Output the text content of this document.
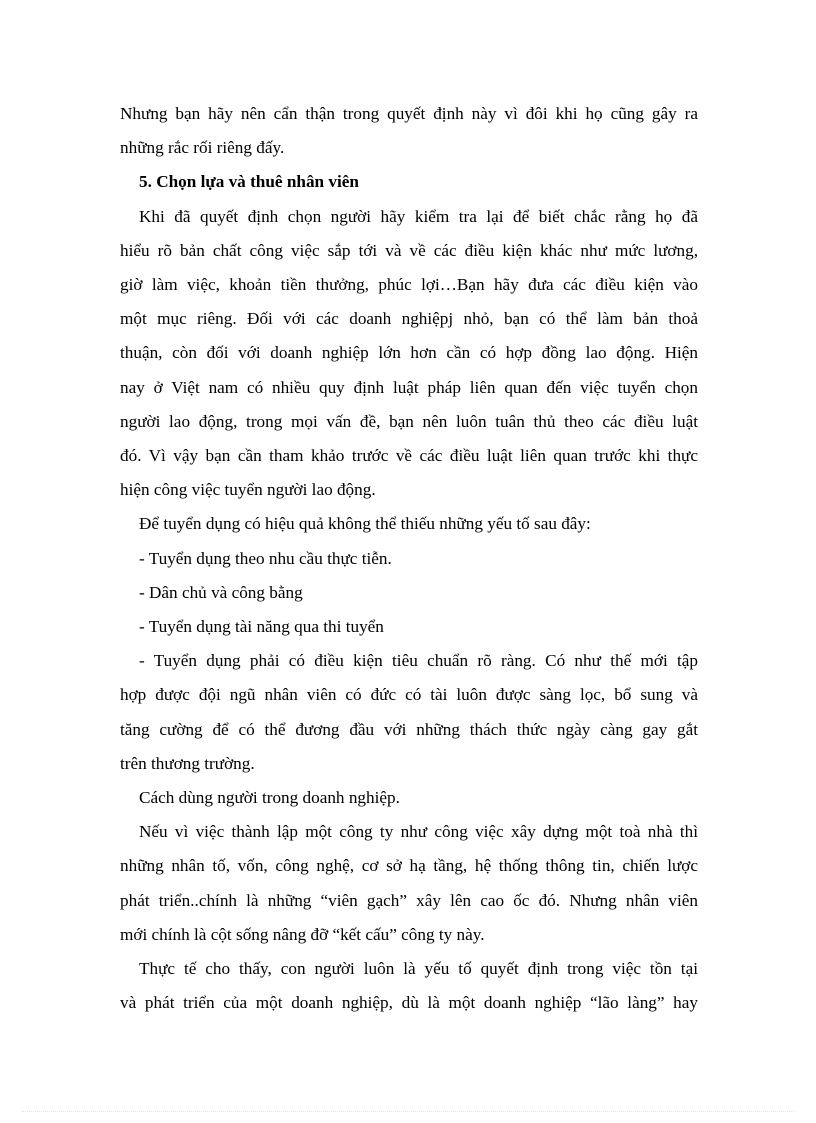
Nhưng bạn hãy nên cẩn thận trong quyết định này vì đôi khi họ cũng gây ra

những rắc rối riêng đấy.

5. Chọn lựa và thuê nhân viên

Khi đã quyết định chọn người hãy kiểm tra lại để biết chắc rằng họ đã

hiểu rõ bản chất công việc sắp tới và về các điều kiện khác như mức lương,

giờ làm việc, khoản tiền thưởng, phúc lợi…Bạn hãy đưa các điều kiện vào

một mục riêng. Đối với các doanh nghiệpj nhỏ, bạn có thể làm bản thoả

thuận, còn đối với doanh nghiệp lớn hơn cần có hợp đồng lao động. Hiện

nay ở Việt nam có nhiều quy định luật pháp liên quan đến việc tuyển chọn

người lao động, trong mọi vấn đề, bạn nên luôn tuân thủ theo các điều luật

đó. Vì vậy bạn cần tham khảo trước về các điều luật liên quan trước khi thực

hiện công việc tuyển người lao động.

Để tuyển dụng có hiệu quả không thể thiếu những yếu tố sau đây:

- Tuyển dụng theo nhu cầu thực tiễn.

- Dân chủ và công bằng

- Tuyển dụng tài năng qua thi tuyển

- Tuyển dụng phải có điều kiện tiêu chuẩn rõ ràng. Có như thế mới tập

hợp được đội ngũ nhân viên có đức có tài luôn được sàng lọc, bổ sung và

tăng cường để có thể đương đầu với những thách thức ngày càng gay gắt

trên thương trường.

Cách dùng người trong doanh nghiệp.

Nếu vì việc thành lập một công ty như công việc xây dựng một toà nhà thì

những nhân tố, vốn, công nghệ, cơ sở hạ tầng, hệ thống thông tin, chiến lược

phát triển..chính là những “viên gạch” xây lên cao ốc đó. Nhưng nhân viên

mới chính là cột sống nâng đỡ “kết cấu” công ty này.

Thực tế cho thấy, con người luôn là yếu tố quyết định trong việc tồn tại

và phát triển của một doanh nghiệp, dù là một doanh nghiệp “lão làng” hay
